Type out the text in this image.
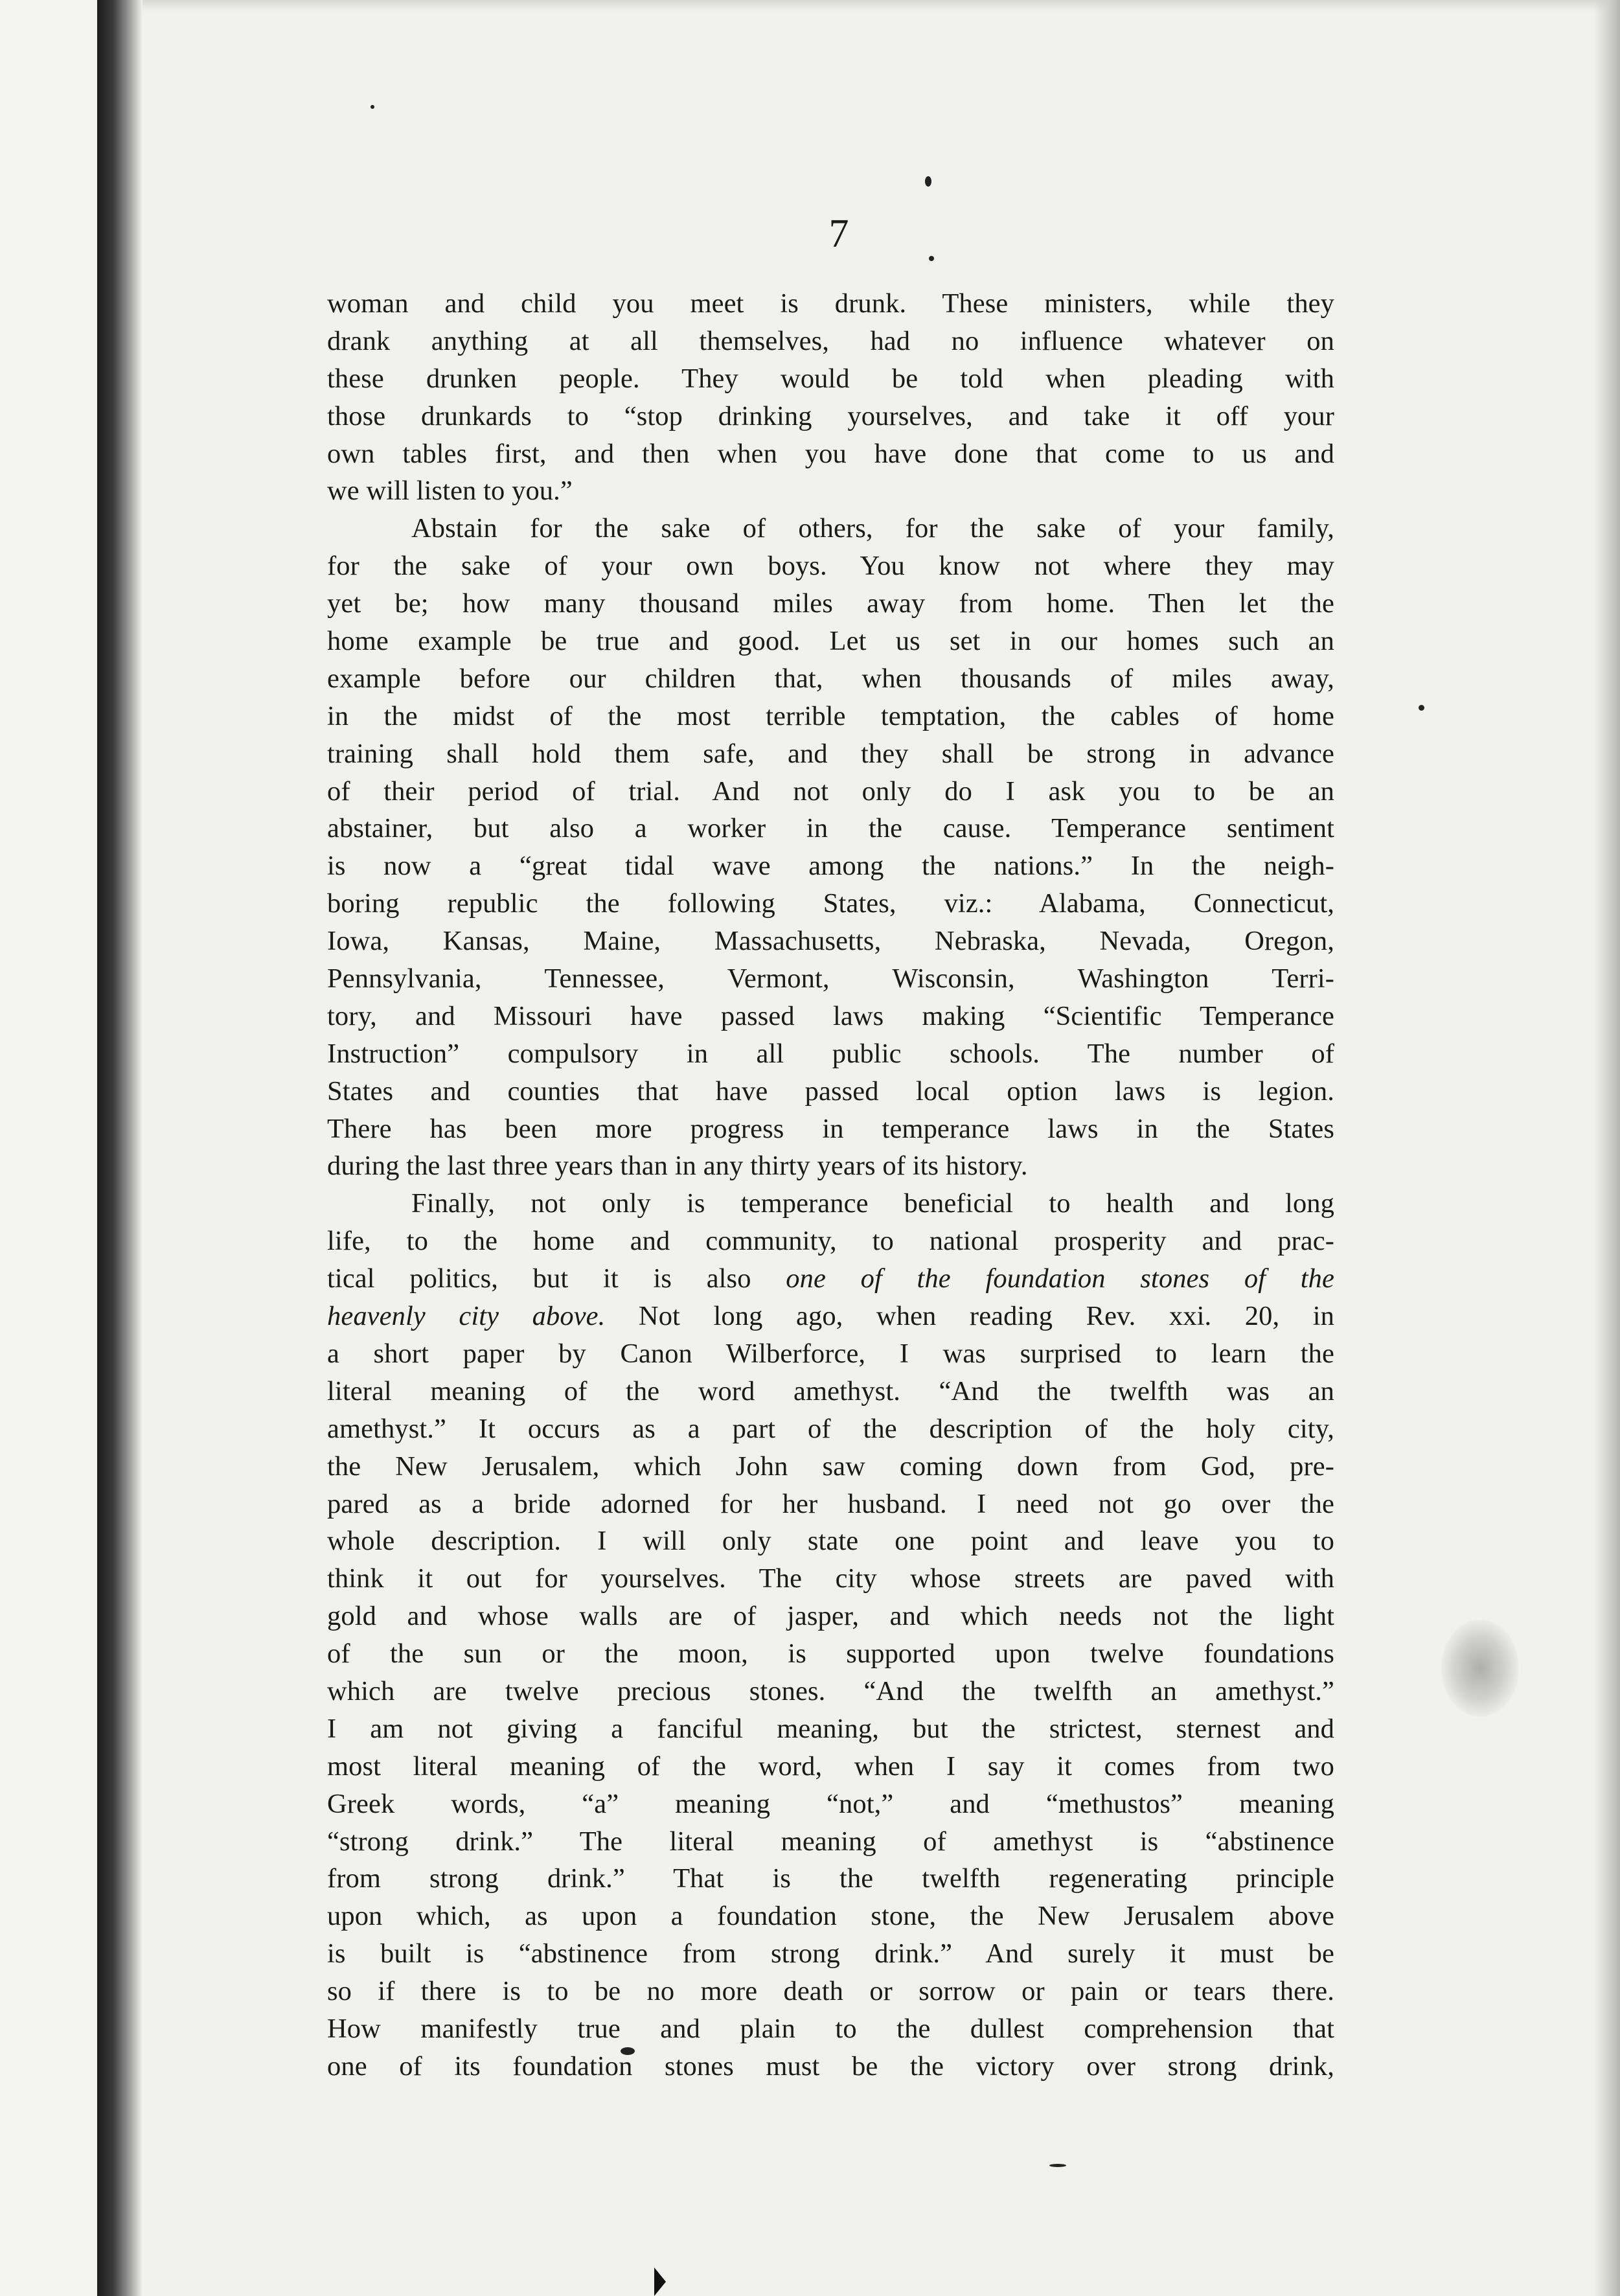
7
woman and child you meet is drunk. These ministers, while they
drank anything at all themselves, had no influence whatever on
these drunken people. They would be told when pleading with
those drunkards to “stop drinking yourselves, and take it off your
own tables first, and then when you have done that come to us and
we will listen to you.”
Abstain for the sake of others, for the sake of your family,
for the sake of your own boys. You know not where they may
yet be; how many thousand miles away from home. Then let the
home example be true and good. Let us set in our homes such an
example before our children that, when thousands of miles away,
in the midst of the most terrible temptation, the cables of home
training shall hold them safe, and they shall be strong in advance
of their period of trial. And not only do I ask you to be an
abstainer, but also a worker in the cause. Temperance sentiment
is now a “great tidal wave among the nations.” In the neigh-
boring republic the following States, viz.: Alabama, Connecticut,
Iowa, Kansas, Maine, Massachusetts, Nebraska, Nevada, Oregon,
Pennsylvania, Tennessee, Vermont, Wisconsin, Washington Terri-
tory, and Missouri have passed laws making “Scientific Temperance
Instruction” compulsory in all public schools. The number of
States and counties that have passed local option laws is legion.
There has been more progress in temperance laws in the States
during the last three years than in any thirty years of its history.
Finally, not only is temperance beneficial to health and long
life, to the home and community, to national prosperity and prac-
tical politics, but it is also one of the foundation stones of the
heavenly city above. Not long ago, when reading Rev. xxi. 20, in
a short paper by Canon Wilberforce, I was surprised to learn the
literal meaning of the word amethyst. “And the twelfth was an
amethyst.” It occurs as a part of the description of the holy city,
the New Jerusalem, which John saw coming down from God, pre-
pared as a bride adorned for her husband. I need not go over the
whole description. I will only state one point and leave you to
think it out for yourselves. The city whose streets are paved with
gold and whose walls are of jasper, and which needs not the light
of the sun or the moon, is supported upon twelve foundations
which are twelve precious stones. “And the twelfth an amethyst.”
I am not giving a fanciful meaning, but the strictest, sternest and
most literal meaning of the word, when I say it comes from two
Greek words, “a” meaning “not,” and “methustos” meaning
“strong drink.” The literal meaning of amethyst is “abstinence
from strong drink.” That is the twelfth regenerating principle
upon which, as upon a foundation stone, the New Jerusalem above
is built is “abstinence from strong drink.” And surely it must be
so if there is to be no more death or sorrow or pain or tears there.
How manifestly true and plain to the dullest comprehension that
one of its foundation stones must be the victory over strong drink,
